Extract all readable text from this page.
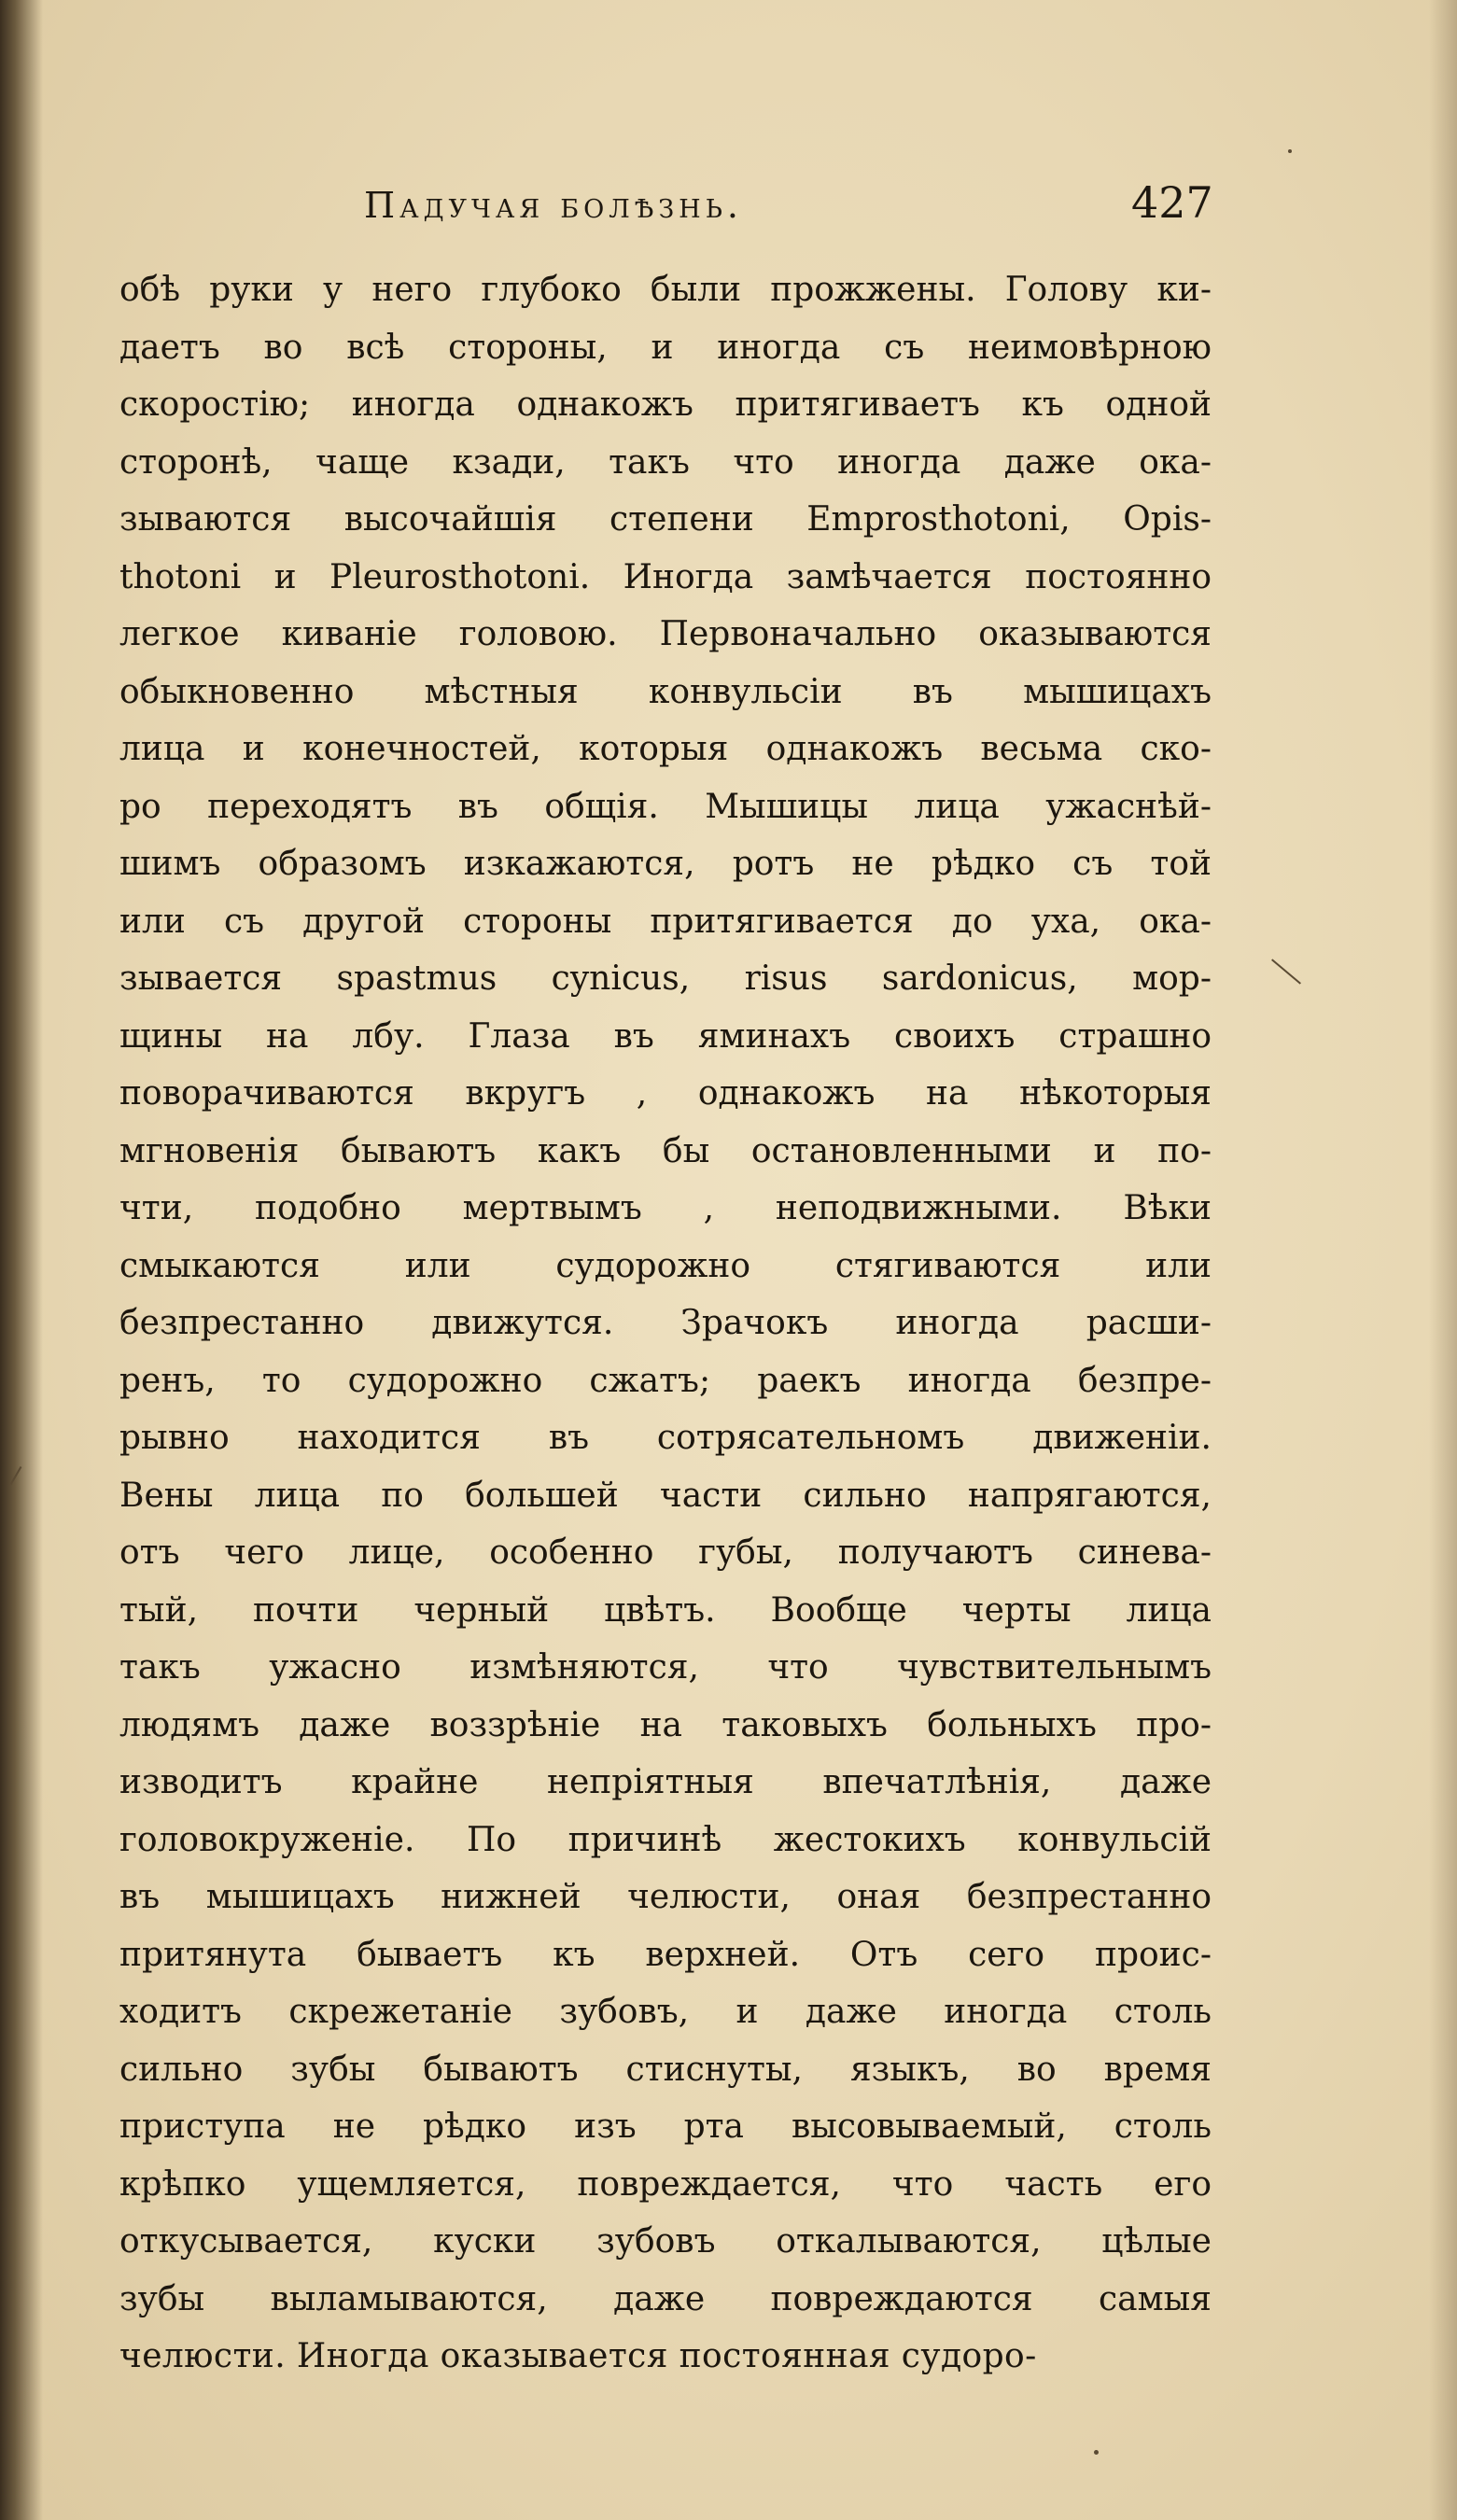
Падучая болѣзнь.	427
обѣ руки у него глубоко были прожжены. Голову ки-
даетъ во всѣ стороны, и иногда съ неимовѣрною
скоростію; иногда однакожъ притягиваетъ къ одной
сторонѣ, чаще кзади, такъ что иногда даже ока-
зываются высочайшія степени Emprosthotoni, Opis-
thotoni и Pleurosthotoni. Иногда замѣчается постоянно
легкое киваніе головою. Первоначально оказываются
обыкновенно мѣстныя конвульсіи въ мышицахъ
лица и конечностей, которыя однакожъ весьма ско-
ро переходятъ въ общія. Мышицы лица ужаснѣй-
шимъ образомъ изкажаются, ротъ не рѣдко съ той
или съ другой стороны притягивается до уха, ока-
зывается spastmus cynicus, risus sardonicus, мор-
щины на лбу. Глаза въ яминахъ своихъ страшно
поворачиваются вкругъ , однакожъ на нѣкоторыя
мгновенія бываютъ какъ бы остановленными и по-
чти, подобно мертвымъ , неподвижными. Вѣки
смыкаются или судорожно стягиваются или
безпрестанно движутся. Зрачокъ иногда расши-
ренъ, то судорожно сжатъ; раекъ иногда безпре-
рывно находится въ сотрясательномъ движеніи.
Вены лица по большей части сильно напрягаются,
отъ чего лице, особенно губы, получаютъ синева-
тый, почти черный цвѣтъ. Вообще черты лица
такъ ужасно измѣняются, что чувствительнымъ
людямъ даже воззрѣніе на таковыхъ больныхъ про-
изводитъ крайне непріятныя впечатлѣнія, даже
головокруженіе. По причинѣ жестокихъ конвульсій
въ мышицахъ нижней челюсти, оная безпрестанно
притянута бываетъ къ верхней. Отъ сего проиc-
ходитъ скрежетаніе зубовъ, и даже иногда столь
сильно зубы бываютъ стиснуты, языкъ, во время
приступа не рѣдко изъ рта высовываемый, столь
крѣпко ущемляется, повреждается, что часть его
откусывается, куски зубовъ откалываются, цѣлые
зубы выламываются, даже повреждаются самыя
челюсти. Иногда оказывается постоянная судоро-
